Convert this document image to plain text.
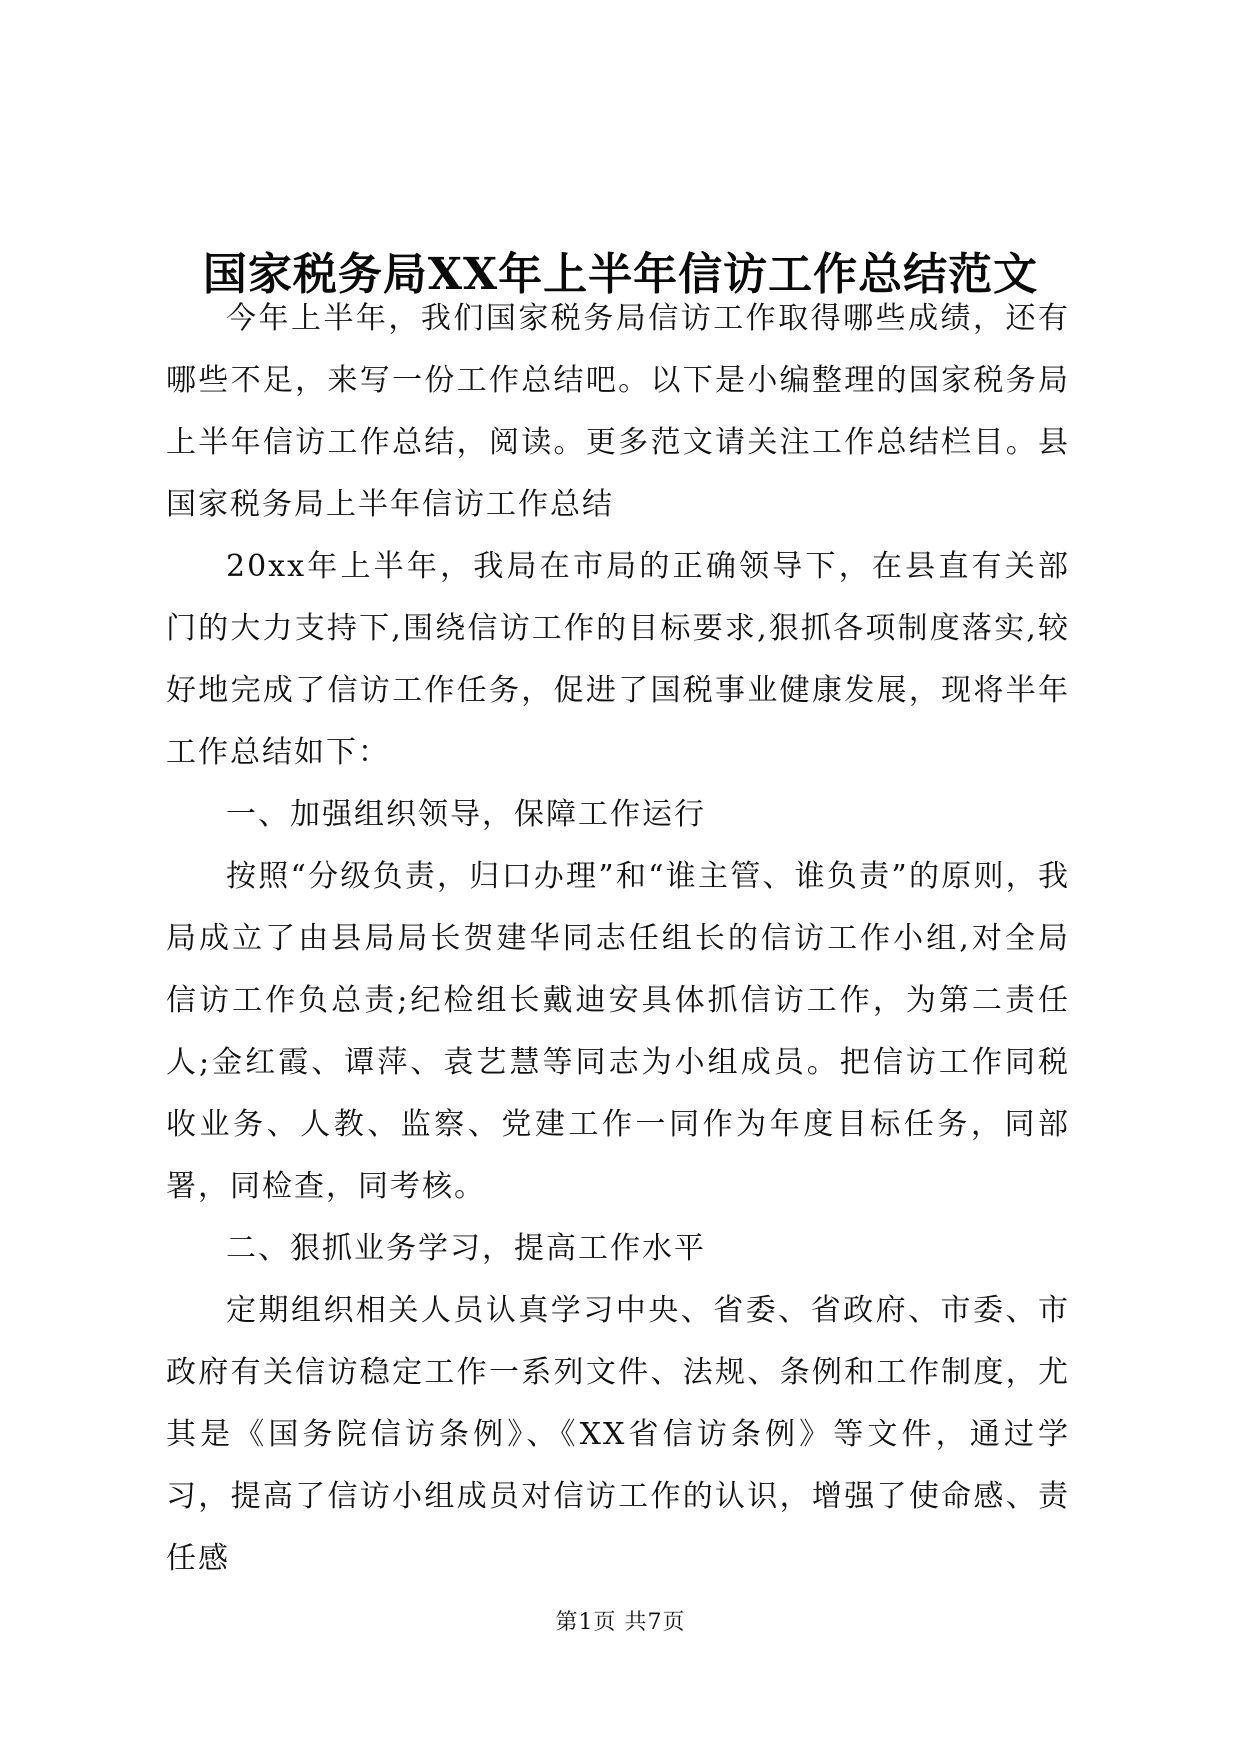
国家税务局XX年上半年信访工作总结范文

今年上半年，我们国家税务局信访工作取得哪些成绩，还有哪些不足，来写一份工作总结吧。以下是小编整理的国家税务局上半年信访工作总结，阅读。更多范文请关注工作总结栏目。县国家税务局上半年信访工作总结

20xx年上半年，我局在市局的正确领导下，在县直有关部门的大力支持下,围绕信访工作的目标要求,狠抓各项制度落实,较好地完成了信访工作任务，促进了国税事业健康发展，现将半年工作总结如下：

一、加强组织领导，保障工作运行

按照“分级负责，归口办理”和“谁主管、谁负责”的原则，我局成立了由县局局长贺建华同志任组长的信访工作小组,对全局信访工作负总责;纪检组长戴迪安具体抓信访工作，为第二责任人;金红霞、谭萍、袁艺慧等同志为小组成员。把信访工作同税收业务、人教、监察、党建工作一同作为年度目标任务，同部署，同检查，同考核。

二、狠抓业务学习，提高工作水平

定期组织相关人员认真学习中央、省委、省政府、市委、市政府有关信访稳定工作一系列文件、法规、条例和工作制度，尤其是《国务院信访条例》、《XX省信访条例》等文件，通过学习，提高了信访小组成员对信访工作的认识，增强了使命感、责任感

第1页 共7页
